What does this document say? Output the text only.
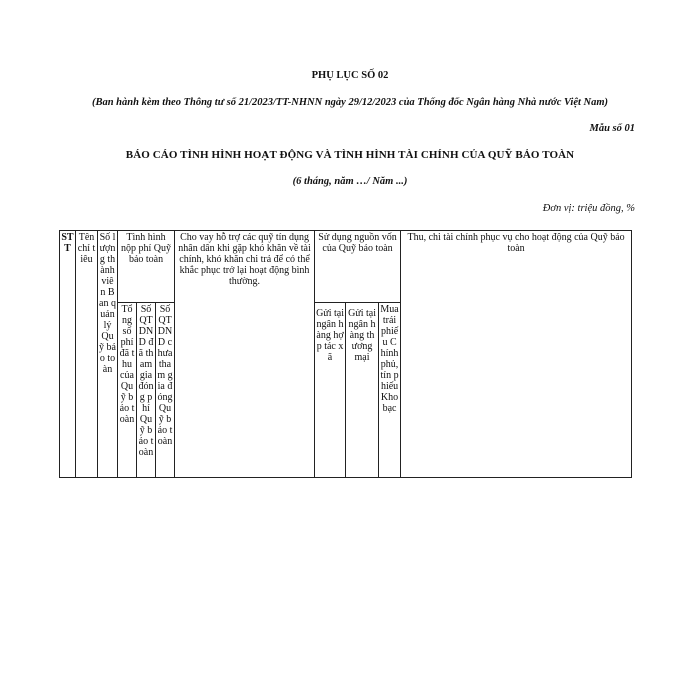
PHỤ LỤC SỐ 02
(Ban hành kèm theo Thông tư số 21/2023/TT-NHNN ngày 29/12/2023 của Thống đốc Ngân hàng Nhà nước Việt Nam)
Mẫu số 01
BÁO CÁO TÌNH HÌNH HOẠT ĐỘNG VÀ TÌNH HÌNH TÀI CHÍNH CỦA QUỸ BẢO TOÀN
(6 tháng, năm …/ Năm ...)
Đơn vị: triệu đồng, %
STT	Tên chỉ tiêu	Số lượng thành viên Ban quản lý Quỹ bảo toàn	Tình hình nộp phí Quỹ bảo toàn			Cho vay hỗ trợ các quỹ tín dụng nhân dân khi gặp khó khăn về tài chính, khó khăn chi trả để có thể khắc phục trở lại hoạt động bình thường.	Sử dụng nguồn vốn của Quỹ bảo toàn			Thu, chi tài chính phục vụ cho hoạt động của Quỹ bảo toàn

			Tổng số phí đã thu của Quỹ bảo toàn	Số QTDND đã tham gia đóng phí Quỹ bảo toàn	Số QTDND chưa tham gia đóng Quỹ bảo toàn		Gửi tại ngân hàng hợp tác xã	Gửi tại ngân hàng thương mại	Mua trái phiếu Chính phủ, tín phiếu Kho bạc	
